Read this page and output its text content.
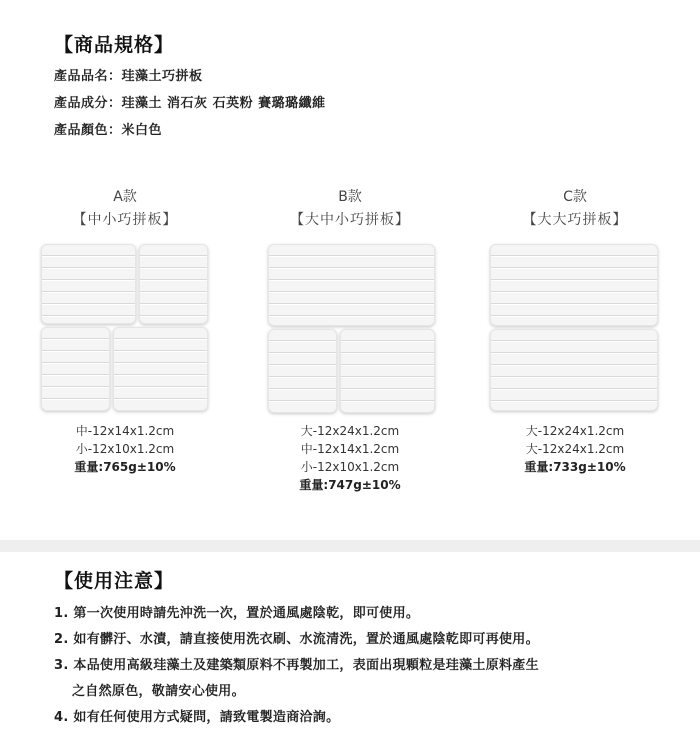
【商品規格】
產品品名：珪藻土巧拼板
產品成分：珪藻土 消石灰 石英粉 賽璐璐纖維
產品顏色：米白色
A款
【中小巧拼板】
中-12x14x1.2cm
小-12x10x1.2cm
重量:765g±10%
B款
【大中小巧拼板】
大-12x24x1.2cm
中-12x14x1.2cm
小-12x10x1.2cm
重量:747g±10%
C款
【大大巧拼板】
大-12x24x1.2cm
大-12x24x1.2cm
重量:733g±10%
【使用注意】
1. 第一次使用時請先沖洗一次，置於通風處陰乾，即可使用。
2. 如有髒汙、水漬，請直接使用洗衣刷、水流清洗，置於通風處陰乾即可再使用。
3. 本品使用高級珪藻土及建築類原料不再製加工，表面出現顆粒是珪藻土原料產生
之自然原色，敬請安心使用。
4. 如有任何使用方式疑問，請致電製造商洽詢。
